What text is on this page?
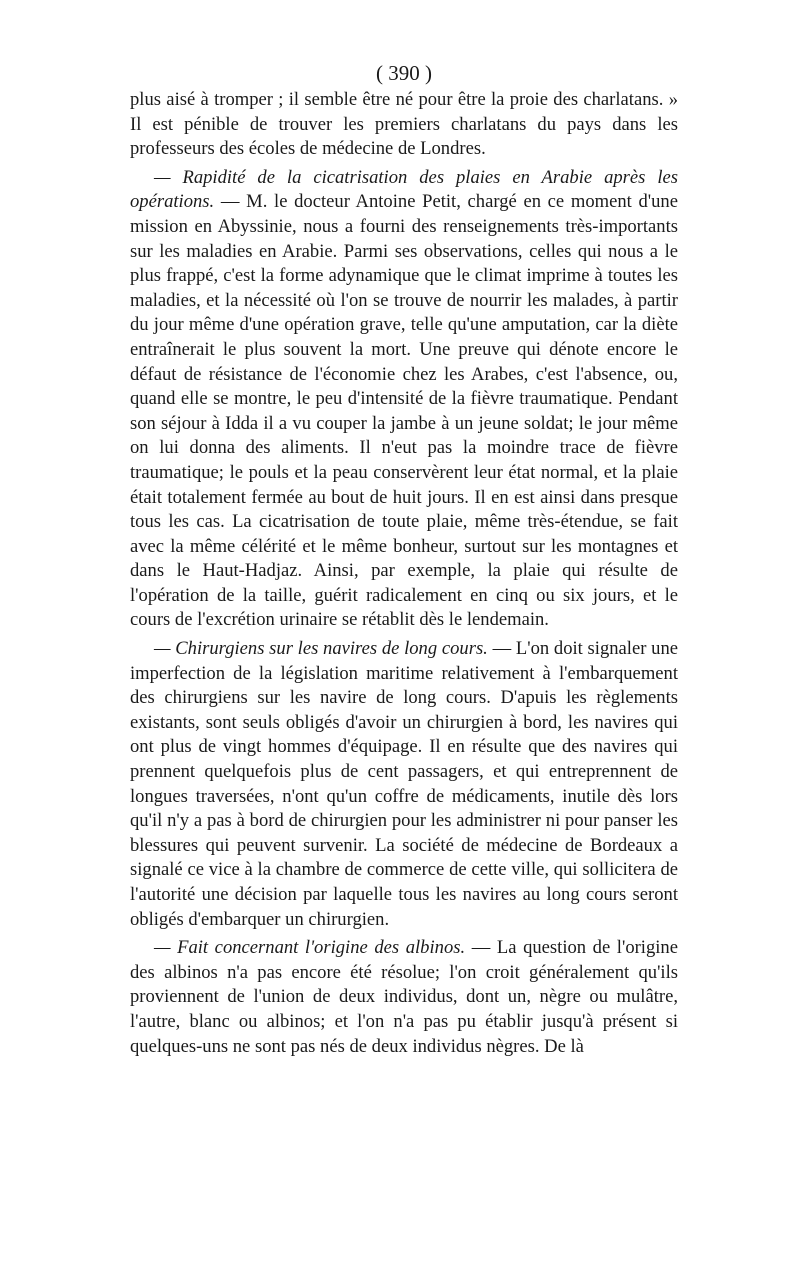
( 390 )

plus aisé à tromper ; il semble être né pour être la proie des charlatans. » Il est pénible de trouver les premiers charlatans du pays dans les professeurs des écoles de médecine de Londres.

— Rapidité de la cicatrisation des plaies en Arabie après les opérations. — M. le docteur Antoine Petit, chargé en ce moment d'une mission en Abyssinie, nous a fourni des renseignements très-importants sur les maladies en Arabie. Parmi ses observations, celles qui nous a le plus frappé, c'est la forme adynamique que le climat imprime à toutes les maladies, et la nécessité où l'on se trouve de nourrir les malades, à partir du jour même d'une opération grave, telle qu'une amputation, car la diète entraînerait le plus souvent la mort. Une preuve qui dénote encore le défaut de résistance de l'économie chez les Arabes, c'est l'absence, ou, quand elle se montre, le peu d'intensité de la fièvre traumatique. Pendant son séjour à Idda il a vu couper la jambe à un jeune soldat; le jour même on lui donna des aliments. Il n'eut pas la moindre trace de fièvre traumatique; le pouls et la peau conservèrent leur état normal, et la plaie était totalement fermée au bout de huit jours. Il en est ainsi dans presque tous les cas. La cicatrisation de toute plaie, même très-étendue, se fait avec la même célérité et le même bonheur, surtout sur les montagnes et dans le Haut-Hadjaz. Ainsi, par exemple, la plaie qui résulte de l'opération de la taille, guérit radicalement en cinq ou six jours, et le cours de l'excrétion urinaire se rétablit dès le lendemain.

— Chirurgiens sur les navires de long cours. — L'on doit signaler une imperfection de la législation maritime relativement à l'embarquement des chirurgiens sur les navire de long cours. D'apuis les règlements existants, sont seuls obligés d'avoir un chirurgien à bord, les navires qui ont plus de vingt hommes d'équipage. Il en résulte que des navires qui prennent quelquefois plus de cent passagers, et qui entreprennent de longues traversées, n'ont qu'un coffre de médicaments, inutile dès lors qu'il n'y a pas à bord de chirurgien pour les administrer ni pour panser les blessures qui peuvent survenir. La société de médecine de Bordeaux a signalé ce vice à la chambre de commerce de cette ville, qui sollicitera de l'autorité une décision par laquelle tous les navires au long cours seront obligés d'embarquer un chirurgien.

— Fait concernant l'origine des albinos. — La question de l'origine des albinos n'a pas encore été résolue; l'on croit généralement qu'ils proviennent de l'union de deux individus, dont un, nègre ou mulâtre, l'autre, blanc ou albinos; et l'on n'a pas pu établir jusqu'à présent si quelques-uns ne sont pas nés de deux individus nègres. De là
